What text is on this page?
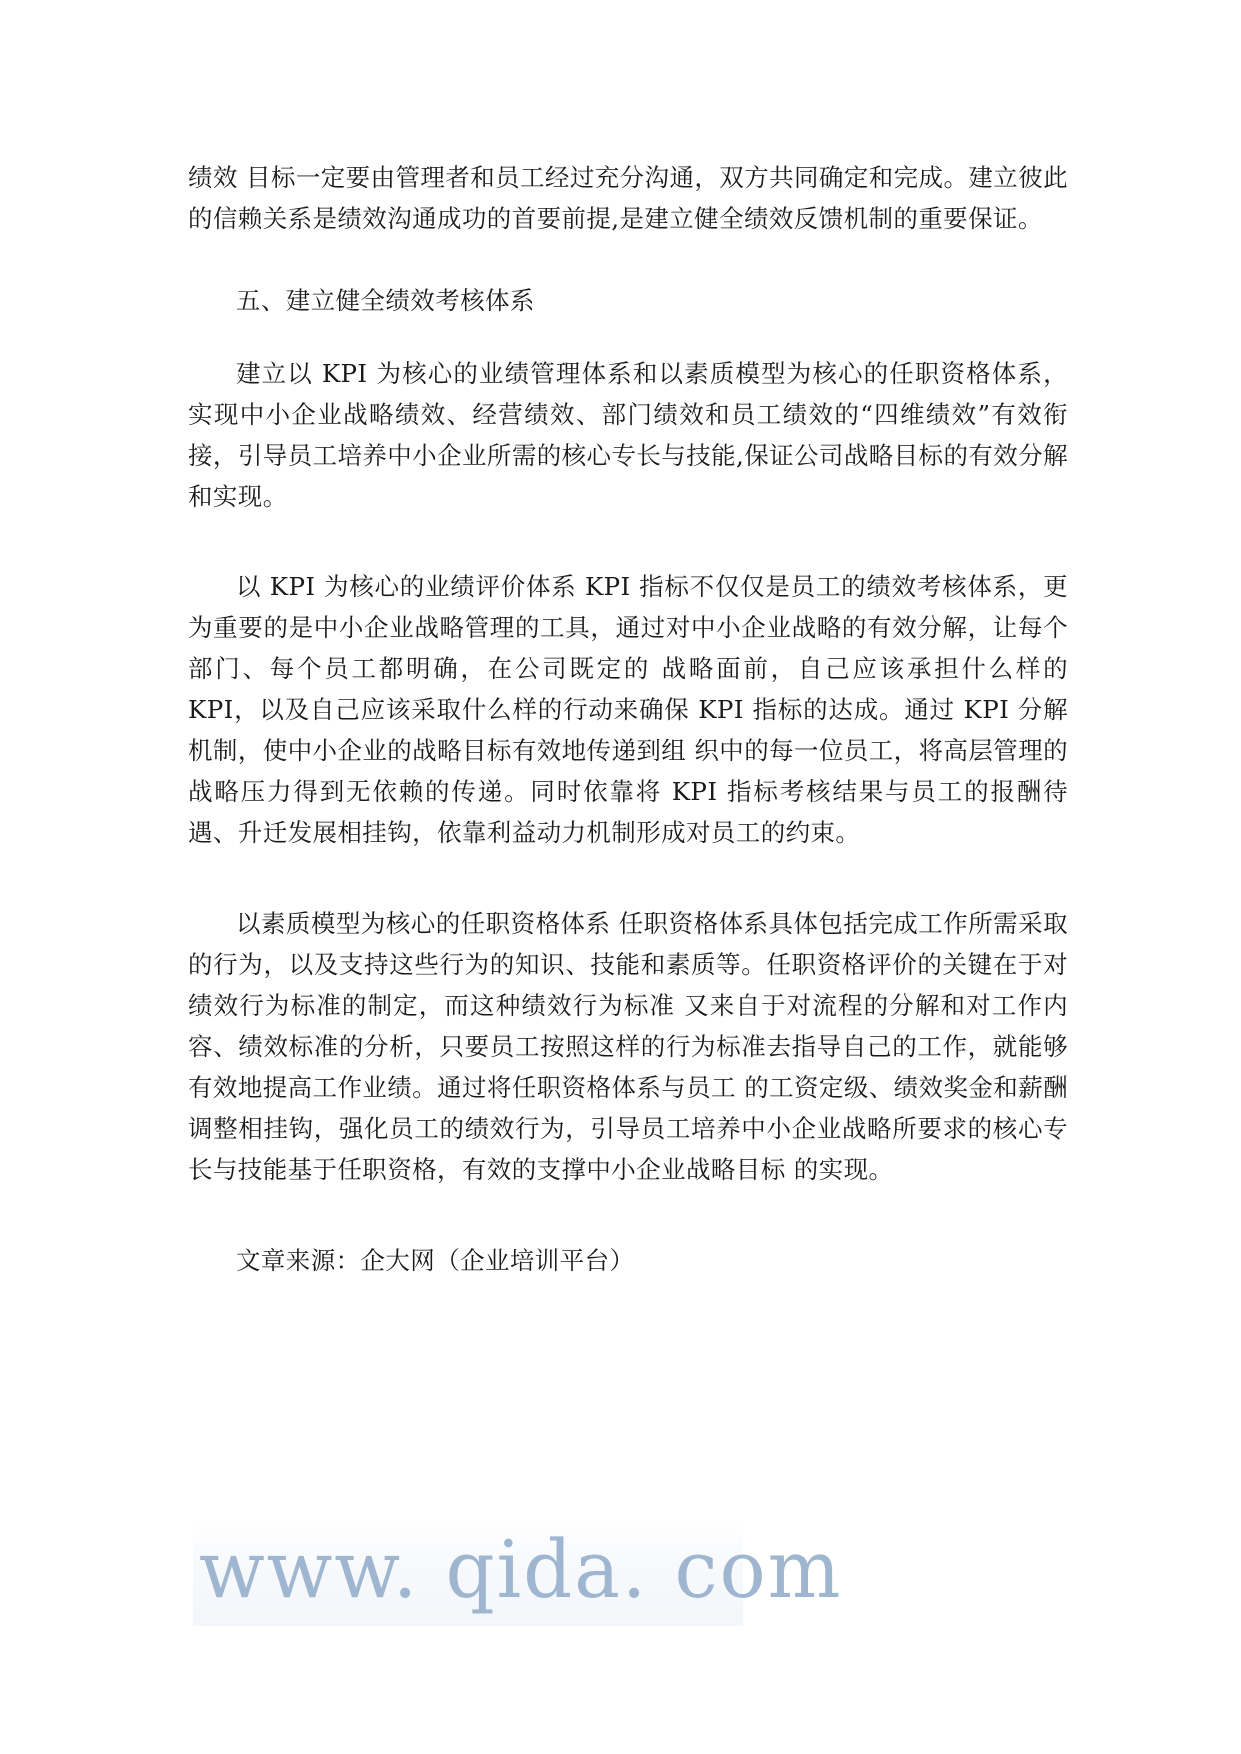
绩效 目标一定要由管理者和员工经过充分沟通，双方共同确定和完成。建立彼此的信赖关系是绩效沟通成功的首要前提,是建立健全绩效反馈机制的重要保证。

五、建立健全绩效考核体系

建立以 KPI 为核心的业绩管理体系和以素质模型为核心的任职资格体系，实现中小企业战略绩效、经营绩效、部门绩效和员工绩效的“四维绩效”有效衔接，引导员工培养中小企业所需的核心专长与技能,保证公司战略目标的有效分解和实现。

以 KPI 为核心的业绩评价体系 KPI 指标不仅仅是员工的绩效考核体系，更为重要的是中小企业战略管理的工具，通过对中小企业战略的有效分解，让每个部门、每个员工都明确，在公司既定的 战略面前，自己应该承担什么样的 KPI，以及自己应该采取什么样的行动来确保 KPI 指标的达成。通过 KPI 分解机制，使中小企业的战略目标有效地传递到组 织中的每一位员工，将高层管理的战略压力得到无依赖的传递。同时依靠将 KPI 指标考核结果与员工的报酬待遇、升迁发展相挂钩，依靠利益动力机制形成对员工的约束。

以素质模型为核心的任职资格体系 任职资格体系具体包括完成工作所需采取的行为，以及支持这些行为的知识、技能和素质等。任职资格评价的关键在于对绩效行为标准的制定，而这种绩效行为标准 又来自于对流程的分解和对工作内容、绩效标准的分析，只要员工按照这样的行为标准去指导自己的工作，就能够有效地提高工作业绩。通过将任职资格体系与员工 的工资定级、绩效奖金和薪酬调整相挂钩，强化员工的绩效行为，引导员工培养中小企业战略所要求的核心专长与技能基于任职资格，有效的支撑中小企业战略目标 的实现。

文章来源：企大网（企业培训平台）

www. qida. com
